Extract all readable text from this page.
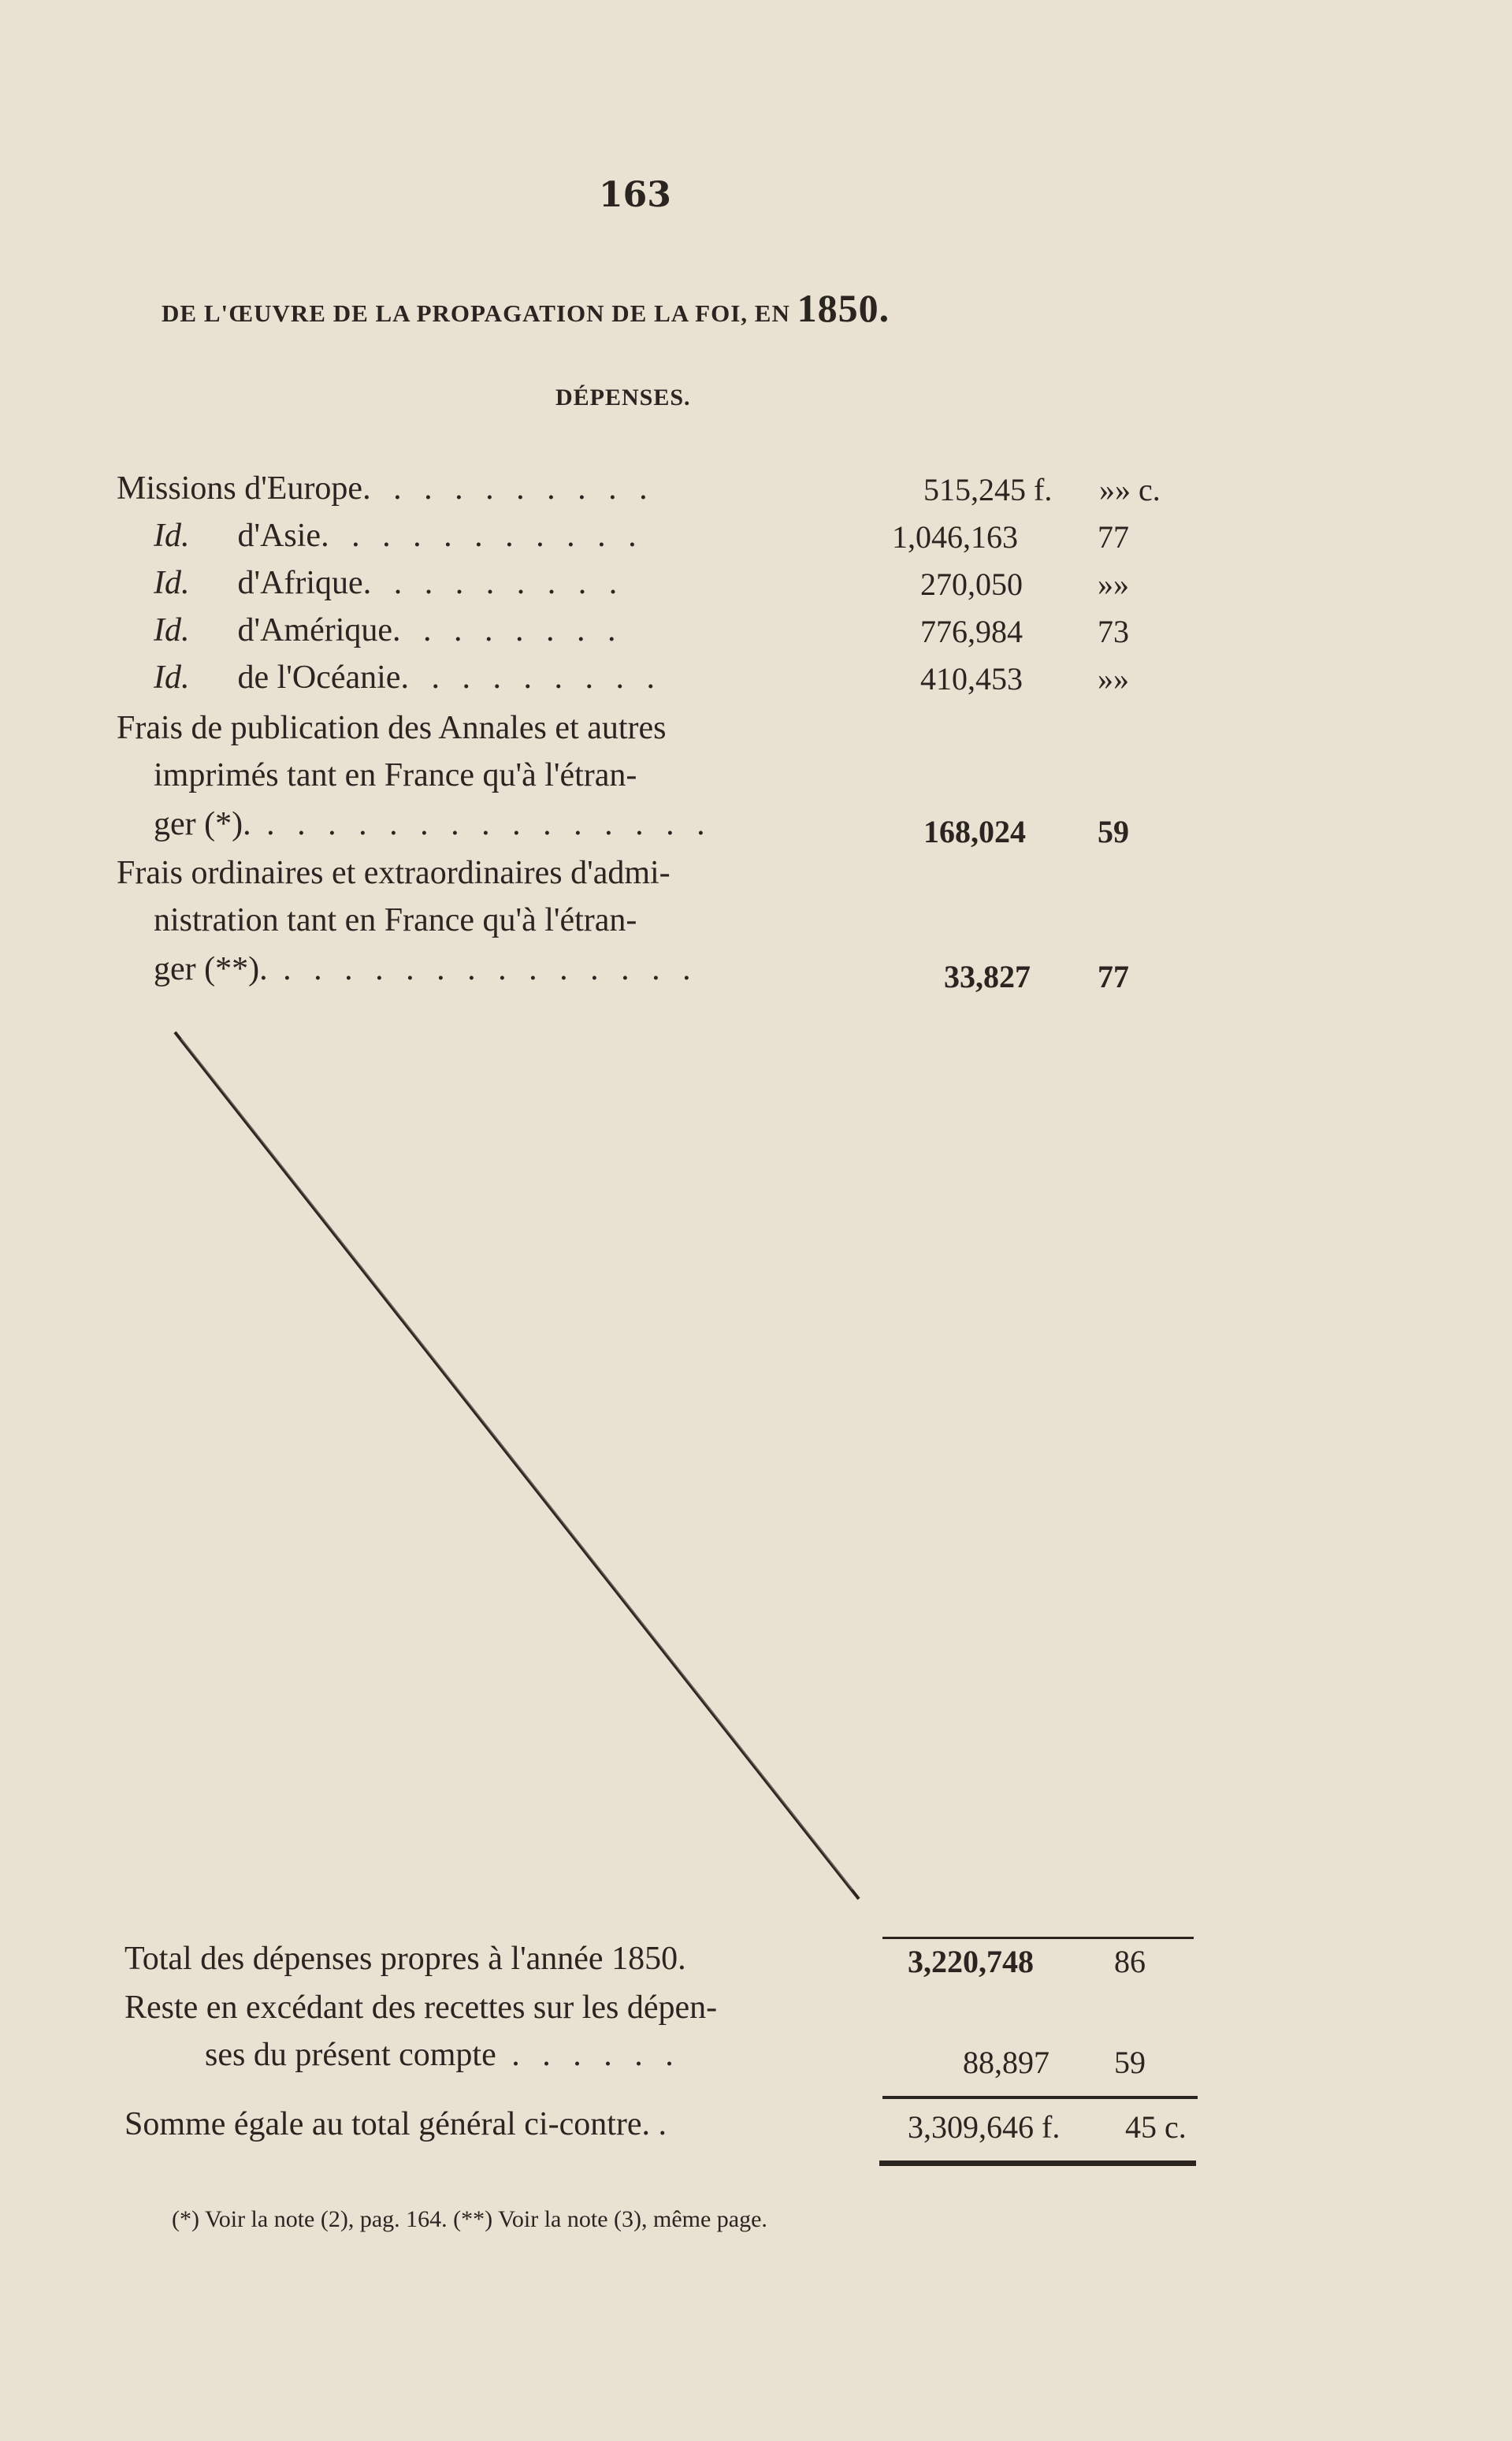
163
DE L'ŒUVRE DE LA PROPAGATION DE LA FOI, EN 1850.
DÉPENSES.
Missions d'Europe. . . . . . . . . .	515,245 f. »» c.
Id. d'Asie. . . . . . . . . . .	1,046,163	77
Id. d'Afrique. . . . . . . . .	270,050 »»
Id. d'Amérique. . . . . . . .	776,984 73
Id. de l'Océanie. . . . . . . . .	410,453 »»
Frais de publication des Annales et autres
imprimés tant en France qu'à l'étran-
ger (*). . . . . . . . . . . . . . . .	168,024 59
Frais ordinaires et extraordinaires d'admi-
nistration tant en France qu'à l'étran-
ger (**). . . . . . . . . . . . . . .	33,827 77
Total des dépenses propres à l'année 1850.	3,220,748	86
Reste en excédant des recettes sur les dépen-
ses du présent compte . . . . . .	88,897 59
Somme égale au total général ci-contre. .	3,309,646 f. 45 c.
(*) Voir la note (2), pag. 164. (**) Voir la note (3), même page.
